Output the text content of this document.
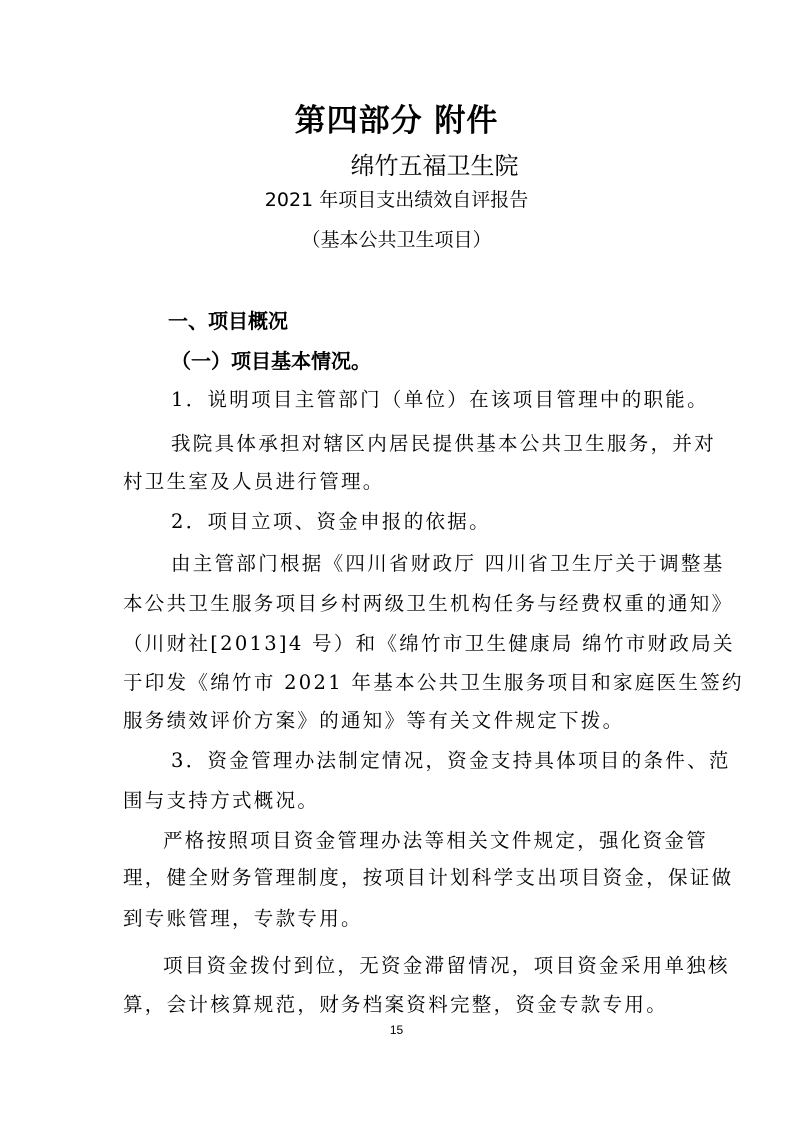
第四部分 附件
绵竹五福卫生院
2021 年项目支出绩效自评报告
（基本公共卫生项目）
一、项目概况
（一）项目基本情况。
1．说明项目主管部门（单位）在该项目管理中的职能。
我院具体承担对辖区内居民提供基本公共卫生服务，并对
村卫生室及人员进行管理。
2．项目立项、资金申报的依据。
由主管部门根据《四川省财政厅 四川省卫生厅关于调整基
本公共卫生服务项目乡村两级卫生机构任务与经费权重的通知》
（川财社[2013]4 号）和《绵竹市卫生健康局 绵竹市财政局关
于印发《绵竹市 2021 年基本公共卫生服务项目和家庭医生签约
服务绩效评价方案》的通知》等有关文件规定下拨。
3．资金管理办法制定情况，资金支持具体项目的条件、范
围与支持方式概况。
严格按照项目资金管理办法等相关文件规定，强化资金管
理，健全财务管理制度，按项目计划科学支出项目资金，保证做
到专账管理，专款专用。
项目资金拨付到位，无资金滞留情况，项目资金采用单独核
算，会计核算规范，财务档案资料完整，资金专款专用。
15
